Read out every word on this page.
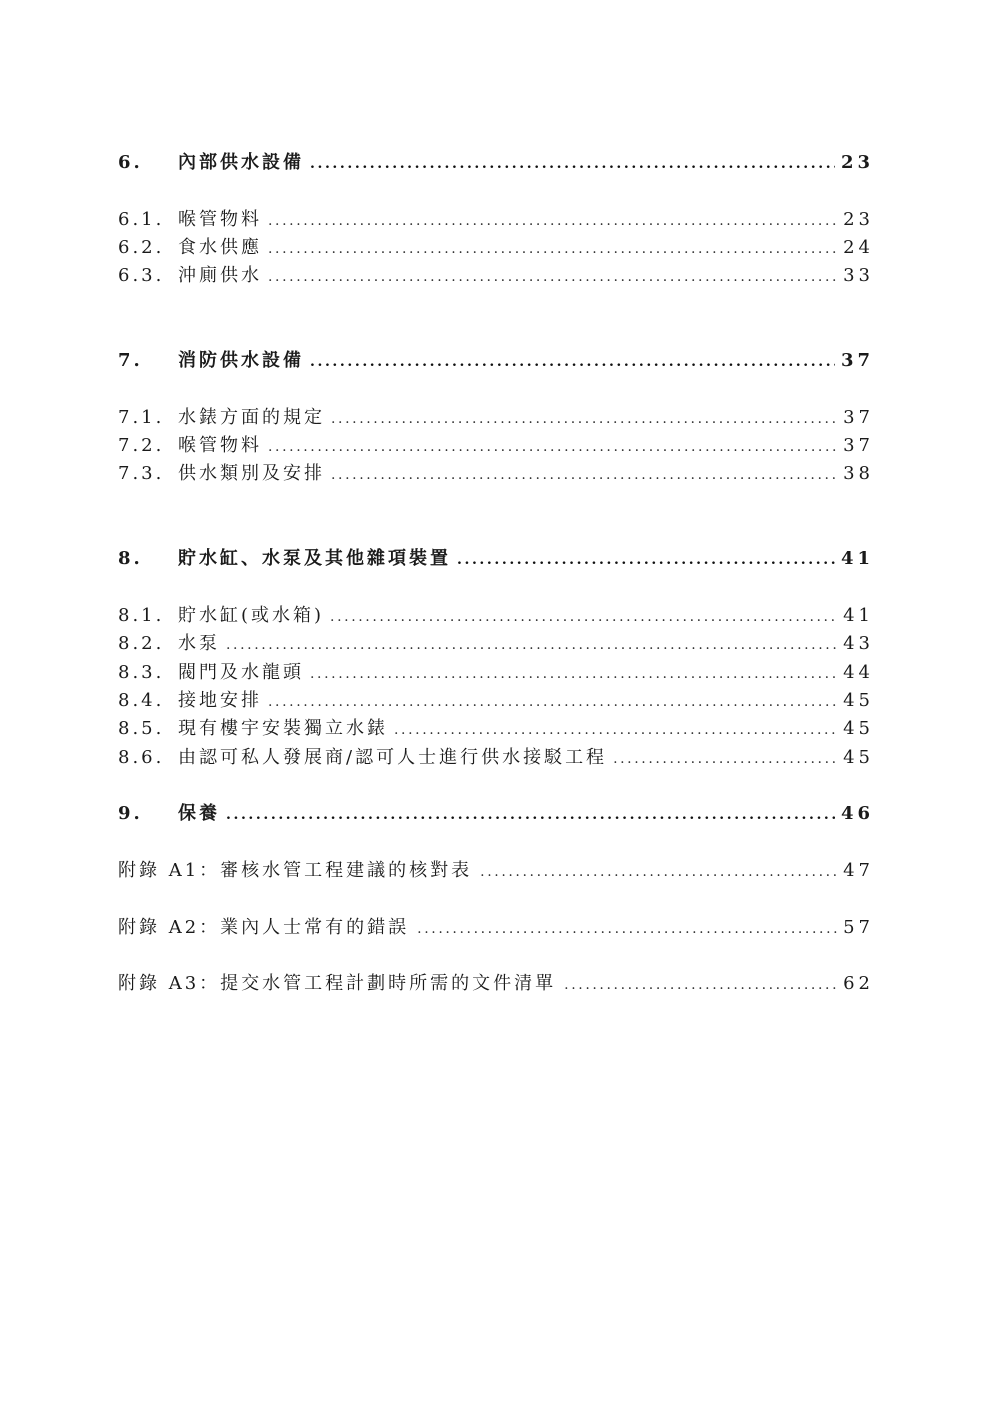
6.	內部供水設備 .....	23
6.1. 喉管物料 .....	23
6.2. 食水供應 .....	24
6.3. 沖廁供水 .....	33
7.	消防供水設備 .....	37
7.1. 水錶方面的規定 .....	37
7.2. 喉管物料 .....	37
7.3. 供水類別及安排 .....	38
8.	貯水缸、水泵及其他雜項裝置 .....	41
8.1. 貯水缸(或水箱) .....	41
8.2. 水泵 .....	43
8.3. 閥門及水龍頭 .....	44
8.4. 接地安排 .....	45
8.5. 現有樓宇安裝獨立水錶 .....	45
8.6. 由認可私人發展商/認可人士進行供水接駁工程 .....	45
9.	保養 .....	46
附錄 A1：審核水管工程建議的核對表 .....	47
附錄 A2：業內人士常有的錯誤 .....	57
附錄 A3：提交水管工程計劃時所需的文件清單 .....	62
